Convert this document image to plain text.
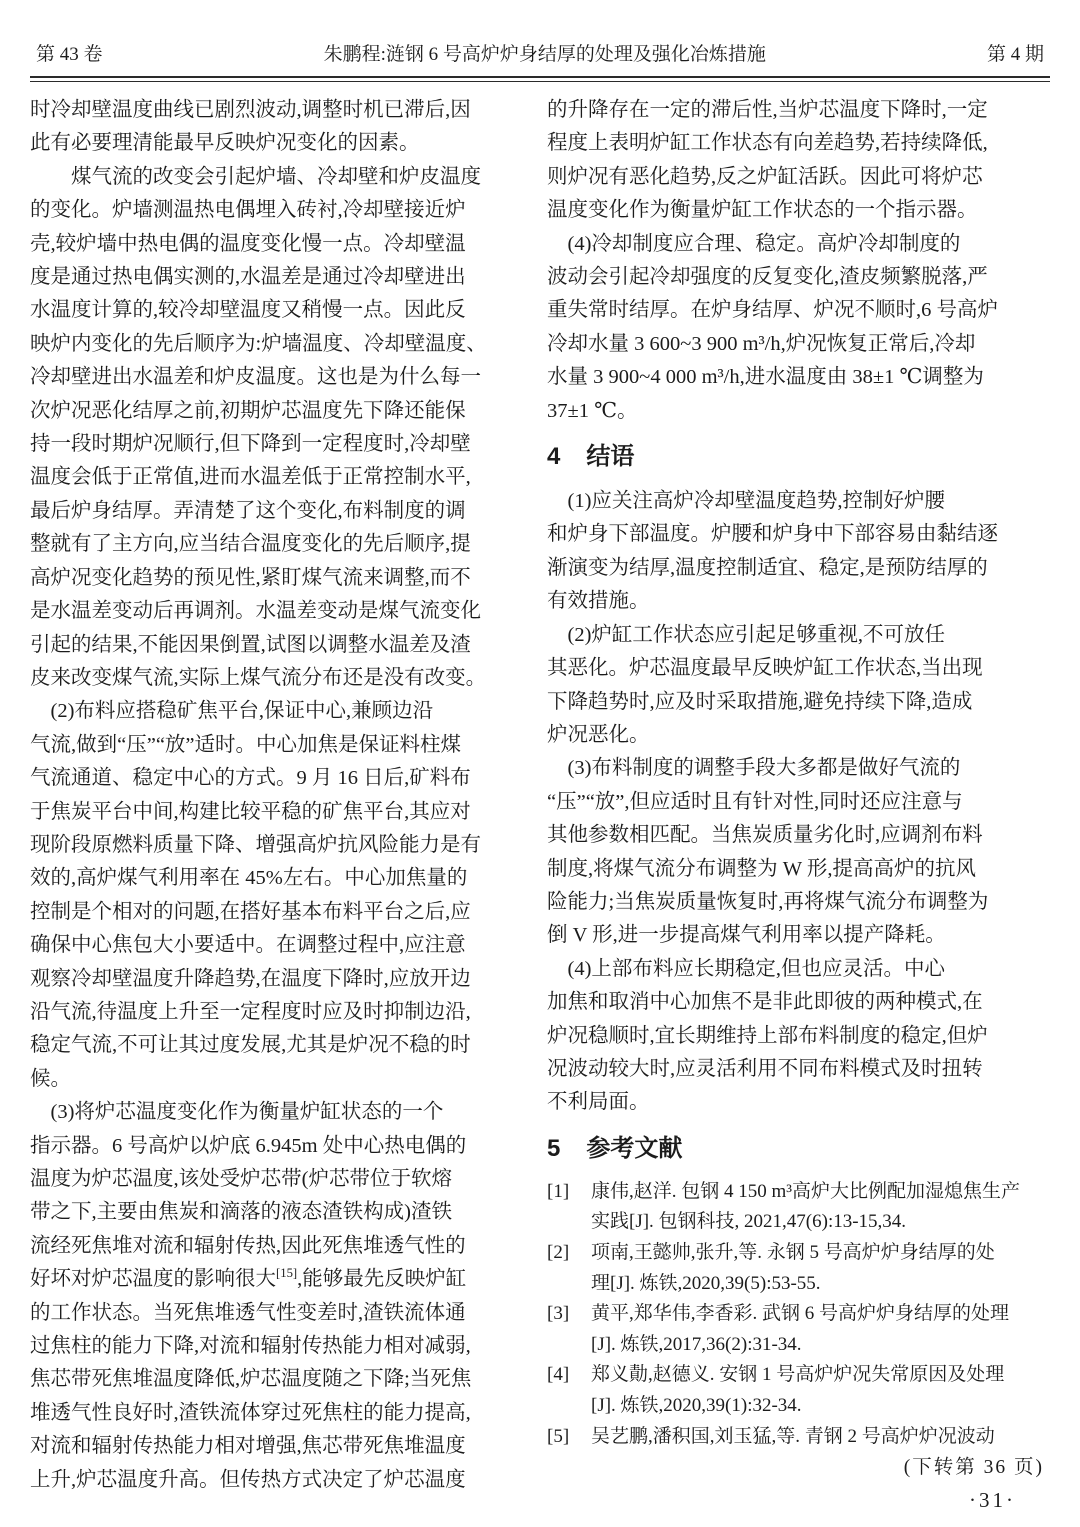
第 43 卷	朱鹏程:涟钢 6 号高炉炉身结厚的处理及强化冶炼措施	第 4 期
时冷却壁温度曲线已剧烈波动,调整时机已滞后,因
此有必要理清能最早反映炉况变化的因素。
　　煤气流的改变会引起炉墙、冷却壁和炉皮温度
的变化。炉墙测温热电偶埋入砖衬,冷却壁接近炉
壳,较炉墙中热电偶的温度变化慢一点。冷却壁温
度是通过热电偶实测的,水温差是通过冷却壁进出
水温度计算的,较冷却壁温度又稍慢一点。因此反
映炉内变化的先后顺序为:炉墙温度、冷却壁温度、
冷却壁进出水温差和炉皮温度。这也是为什么每一
次炉况恶化结厚之前,初期炉芯温度先下降还能保
持一段时期炉况顺行,但下降到一定程度时,冷却壁
温度会低于正常值,进而水温差低于正常控制水平,
最后炉身结厚。弄清楚了这个变化,布料制度的调
整就有了主方向,应当结合温度变化的先后顺序,提
高炉况变化趋势的预见性,紧盯煤气流来调整,而不
是水温差变动后再调剂。水温差变动是煤气流变化
引起的结果,不能因果倒置,试图以调整水温差及渣
皮来改变煤气流,实际上煤气流分布还是没有改变。
　(2)布料应搭稳矿焦平台,保证中心,兼顾边沿
气流,做到“压”“放”适时。中心加焦是保证料柱煤
气流通道、稳定中心的方式。9 月 16 日后,矿料布
于焦炭平台中间,构建比较平稳的矿焦平台,其应对
现阶段原燃料质量下降、增强高炉抗风险能力是有
效的,高炉煤气利用率在 45%左右。中心加焦量的
控制是个相对的问题,在搭好基本布料平台之后,应
确保中心焦包大小要适中。在调整过程中,应注意
观察冷却壁温度升降趋势,在温度下降时,应放开边
沿气流,待温度上升至一定程度时应及时抑制边沿,
稳定气流,不可让其过度发展,尤其是炉况不稳的时
候。
　(3)将炉芯温度变化作为衡量炉缸状态的一个
指示器。6 号高炉以炉底 6.945m 处中心热电偶的
温度为炉芯温度,该处受炉芯带(炉芯带位于软熔
带之下,主要由焦炭和滴落的液态渣铁构成)渣铁
流经死焦堆对流和辐射传热,因此死焦堆透气性的
好坏对炉芯温度的影响很大[15],能够最先反映炉缸
的工作状态。当死焦堆透气性变差时,渣铁流体通
过焦柱的能力下降,对流和辐射传热能力相对减弱,
焦芯带死焦堆温度降低,炉芯温度随之下降;当死焦
堆透气性良好时,渣铁流体穿过死焦柱的能力提高,
对流和辐射传热能力相对增强,焦芯带死焦堆温度
上升,炉芯温度升高。但传热方式决定了炉芯温度
的升降存在一定的滞后性,当炉芯温度下降时,一定
程度上表明炉缸工作状态有向差趋势,若持续降低,
则炉况有恶化趋势,反之炉缸活跃。因此可将炉芯
温度变化作为衡量炉缸工作状态的一个指示器。
　(4)冷却制度应合理、稳定。高炉冷却制度的
波动会引起冷却强度的反复变化,渣皮频繁脱落,严
重失常时结厚。在炉身结厚、炉况不顺时,6 号高炉
冷却水量 3 600~3 900 m³/h,炉况恢复正常后,冷却
水量 3 900~4 000 m³/h,进水温度由 38±1 ℃调整为
37±1 ℃。
4 结语
　(1)应关注高炉冷却壁温度趋势,控制好炉腰
和炉身下部温度。炉腰和炉身中下部容易由黏结逐
渐演变为结厚,温度控制适宜、稳定,是预防结厚的
有效措施。
　(2)炉缸工作状态应引起足够重视,不可放任
其恶化。炉芯温度最早反映炉缸工作状态,当出现
下降趋势时,应及时采取措施,避免持续下降,造成
炉况恶化。
　(3)布料制度的调整手段大多都是做好气流的
“压”“放”,但应适时且有针对性,同时还应注意与
其他参数相匹配。当焦炭质量劣化时,应调剂布料
制度,将煤气流分布调整为 W 形,提高高炉的抗风
险能力;当焦炭质量恢复时,再将煤气流分布调整为
倒 V 形,进一步提高煤气利用率以提产降耗。
　(4)上部布料应长期稳定,但也应灵活。中心
加焦和取消中心加焦不是非此即彼的两种模式,在
炉况稳顺时,宜长期维持上部布料制度的稳定,但炉
况波动较大时,应灵活利用不同布料模式及时扭转
不利局面。
5 参考文献
[1]	康伟,赵洋. 包钢 4 150 m³高炉大比例配加湿熄焦生产
实践[J]. 包钢科技, 2021,47(6):13-15,34.
[2]	项南,王懿帅,张升,等. 永钢 5 号高炉炉身结厚的处
理[J]. 炼铁,2020,39(5):53-55.
[3]	黄平,郑华伟,李香彩. 武钢 6 号高炉炉身结厚的处理
[J]. 炼铁,2017,36(2):31-34.
[4]	郑义勣,赵德义. 安钢 1 号高炉炉况失常原因及处理
[J]. 炼铁,2020,39(1):32-34.
[5]	吴艺鹏,潘积国,刘玉猛,等. 青钢 2 号高炉炉况波动
(下转第 36 页)
·31·
